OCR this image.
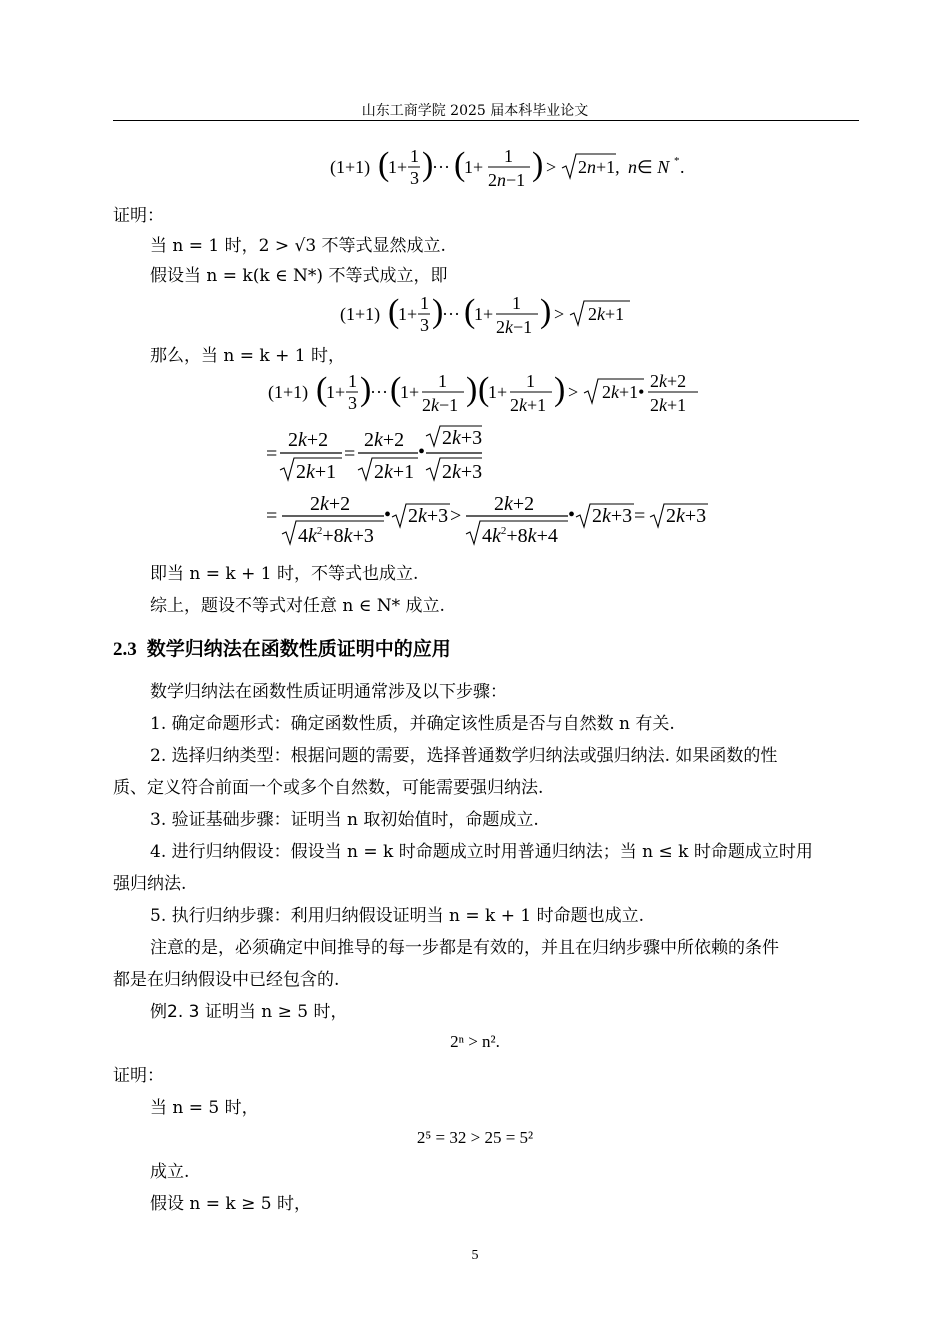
山东工商学院 2025 届本科毕业论文
(1+1) (
1+
1
3 )
··· (
1+
1
2n−1 ) > 2n+1, n∈ N * .
证明：
当 n = 1 时，2 > √3 不等式显然成立.
假设当 n = k(k ∈ N*) 不等式成立，即
(1+1) (
1+
1
3 )
··· (
1+
1
2k−1 ) > 2k+1
那么，当 n = k + 1 时，
(1+1) (
1+
1
3 )
··· (
1+
1
2k−1 ) (
1+
1
2k+1 ) > 2k+1•
2k+2
2k+1
=
2k+2
2k+1
=
2k+2
2k+1
•
2k+3
2k+3
=
2k+2
$4k^2+8k+3$
• 2k+3 >
2k+2
$4k^2+8k+4$
• 2k+3 = 2k+3
即当 n = k + 1 时，不等式也成立.
综上，题设不等式对任意 n ∈ N* 成立.
2.3 数学归纳法在函数性质证明中的应用
数学归纳法在函数性质证明通常涉及以下步骤：
1. 确定命题形式：确定函数性质，并确定该性质是否与自然数 n 有关.
2. 选择归纳类型：根据问题的需要，选择普通数学归纳法或强归纳法. 如果函数的性
质、定义符合前面一个或多个自然数，可能需要强归纳法.
3. 验证基础步骤：证明当 n 取初始值时，命题成立.
4. 进行归纳假设：假设当 n = k 时命题成立时用普通归纳法；当 n ≤ k 时命题成立时用
强归纳法.
5. 执行归纳步骤：利用归纳假设证明当 n = k + 1 时命题也成立.
注意的是，必须确定中间推导的每一步都是有效的，并且在归纳步骤中所依赖的条件
都是在归纳假设中已经包含的.
例2. 3 证明当 n ≥ 5 时，
2ⁿ > n².
证明：
当 n = 5 时，
2⁵ = 32 > 25 = 5²
成立.
假设 n = k ≥ 5 时，
5
